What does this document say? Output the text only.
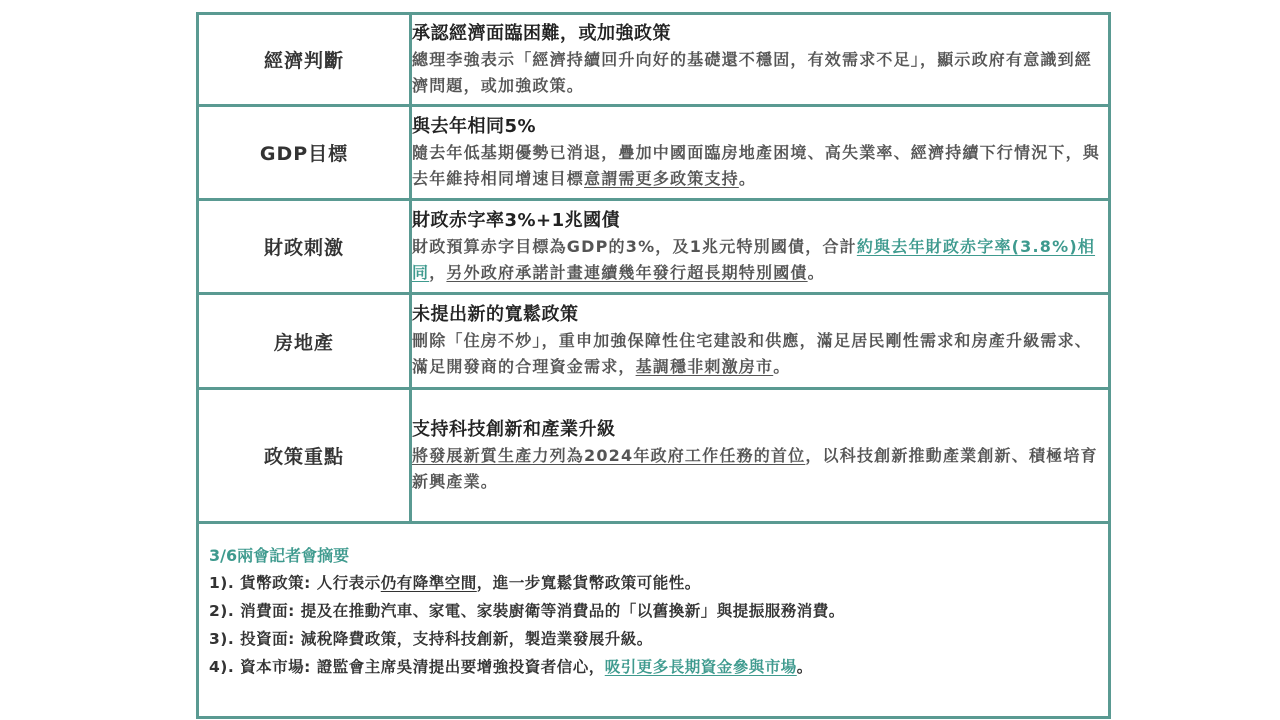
經濟判斷	承認經濟面臨困難，或加強政策
總理李強表示「經濟持續回升向好的基礎還不穩固，有效需求不足」，顯示政府有意識到經濟問題，或加強政策。

GDP目標	與去年相同5%
隨去年低基期優勢已消退，疊加中國面臨房地產困境、高失業率、經濟持續下行情況下，與去年維持相同增速目標意謂需更多政策支持。

財政刺激	財政赤字率3%+1兆國債
財政預算赤字目標為GDP的3%，及1兆元特別國債，合計約與去年財政赤字率(3.8%)相同，另外政府承諾計畫連續幾年發行超長期特別國債。

房地產	未提出新的寬鬆政策
刪除「住房不炒」，重申加強保障性住宅建設和供應，滿足居民剛性需求和房產升級需求、滿足開發商的合理資金需求，基調穩非刺激房市。

政策重點	支持科技創新和產業升級
將發展新質生產力列為2024年政府工作任務的首位，以科技創新推動產業創新、積極培育新興產業。
3/6兩會記者會摘要
1). 貨幣政策: 人行表示仍有降準空間，進一步寬鬆貨幣政策可能性。
2). 消費面: 提及在推動汽車、家電、家裝廚衛等消費品的「以舊換新」與提振服務消費。
3). 投資面: 減稅降費政策，支持科技創新，製造業發展升級。
4). 資本市場: 證監會主席吳清提出要增強投資者信心，吸引更多長期資金參與市場。
